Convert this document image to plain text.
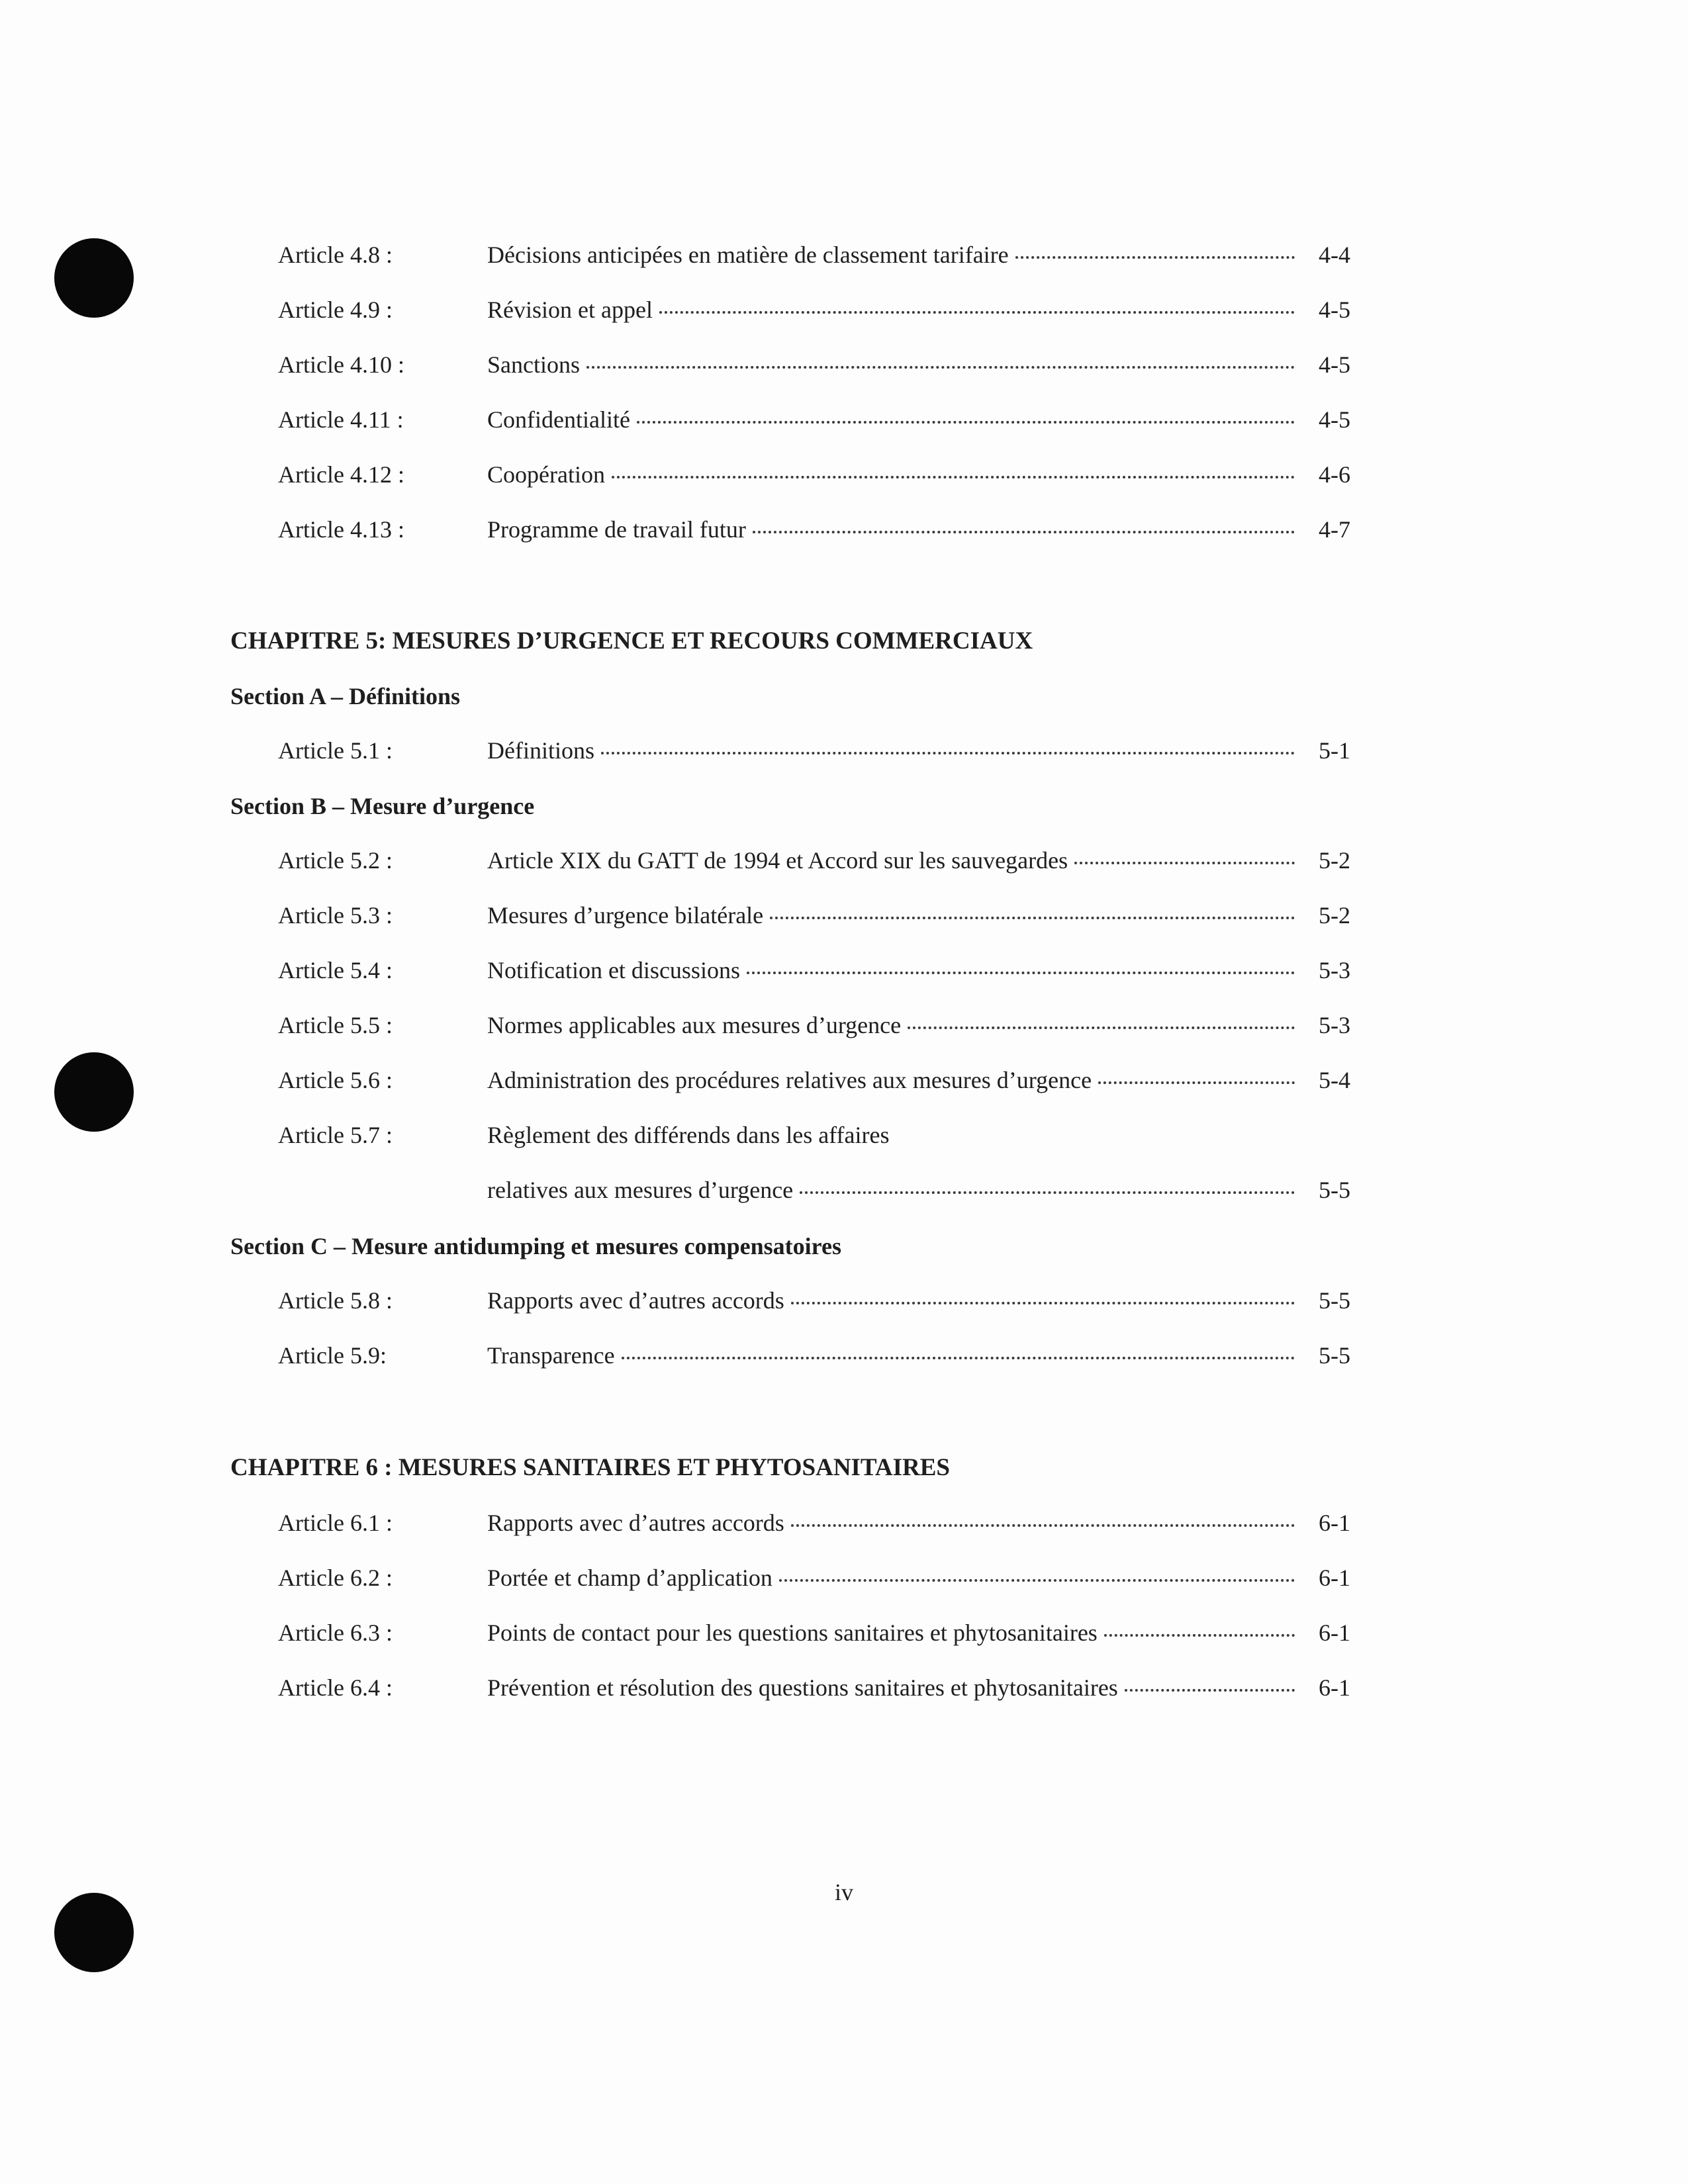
Article 4.8 :	Décisions anticipées en matière de classement tarifaire	4-4
Article 4.9 :	Révision et appel	4-5
Article 4.10 :	Sanctions	4-5
Article 4.11 :	Confidentialité	4-5
Article 4.12 :	Coopération	4-6
Article 4.13 :	Programme de travail futur	4-7
CHAPITRE 5: MESURES D’URGENCE ET RECOURS COMMERCIAUX
Section A – Définitions
Article 5.1 :	Définitions	5-1
Section B – Mesure d’urgence
Article 5.2 :	Article XIX du GATT de 1994 et Accord sur les sauvegardes	5-2
Article 5.3 :	Mesures d’urgence bilatérale	5-2
Article 5.4 :	Notification et discussions	5-3
Article 5.5 :	Normes applicables aux mesures d’urgence	5-3
Article 5.6 :	Administration des procédures relatives aux mesures d’urgence	5-4
Article 5.7 :	Règlement des différends dans les affaires
relatives aux mesures d’urgence	5-5
Section C – Mesure antidumping et mesures compensatoires
Article 5.8 :	Rapports avec d’autres accords	5-5
Article 5.9:	Transparence	5-5
CHAPITRE 6 : MESURES SANITAIRES ET PHYTOSANITAIRES
Article 6.1 :	Rapports avec d’autres accords	6-1
Article 6.2 :	Portée et champ d’application	6-1
Article 6.3 :	Points de contact pour les questions sanitaires et phytosanitaires	6-1
Article 6.4 :	Prévention et résolution des questions sanitaires et phytosanitaires	6-1
iv
